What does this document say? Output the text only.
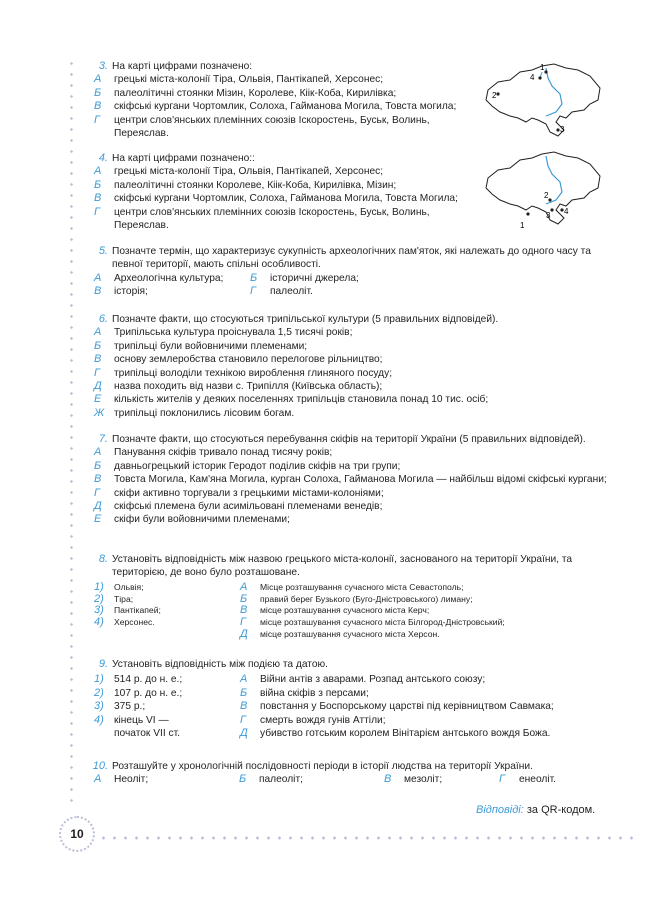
3. На карті цифрами позначено:
А	грецькі міста-колонії Тіра, Ольвія, Пантікапей, Херсонес;
Б	палеолітичні стоянки Мізин, Королеве, Кіік-Коба, Кирилівка;
В	скіфські кургани Чортомлик, Солоха, Гайманова Могила, Товста могила;
Г	центри слов'янських племінних союзів Іскоростень, Буськ, Волинь, Переяслав.
1
2
4
3
4. На карті цифрами позначено::
А	грецькі міста-колонії Тіра, Ольвія, Пантікапей, Херсонес;
Б	палеолітичні стоянки Королеве, Кіік-Коба, Кирилівка, Мізин;
В	скіфські кургани Чортомлик, Солоха, Гайманова Могила, Товста Могила;
Г	центри слов'янських племінних союзів Іскоростень, Буськ, Волинь, Переяслав.	1
2
3 4
5. Позначте термін, що характеризує сукупність археологічних пам'яток, які належать до одного часу та певної території, мають спільні особливості.
А	Археологічна культура;	Б	історичні джерела;
В	історія;	Г	палеоліт.
6. Позначте факти, що стосуються трипільської культури (5 правильних відповідей).
А	Трипільська культура проіснувала 1,5 тисячі років;
Б	трипільці були войовничими племенами;
В	основу землеробства становило перелогове рільництво;
Г	трипільці володіли технікою вироблення глиняного посуду;
Д	назва походить від назви с. Трипілля (Київська область);
Е	кількість жителів у деяких поселеннях трипільців становила понад 10 тис. осіб;
Ж трипільці поклонились лісовим богам.
7. Позначте факти, що стосуються перебування скіфів на території України (5 правильних відповідей).
А	Панування скіфів тривало понад тисячу років;
Б	давньогрецький історик Геродот поділив скіфів на три групи;
В	Товста Могила, Кам'яна Могила, курган Солоха, Гайманова Могила — найбільш відомі скіфські кургани;
Г	скіфи активно торгували з грецькими містами-колоніями;
Д	скіфські племена були асимільовані племенами венедів;
Е	скіфи були войовничими племенами;
8. Установіть відповідність між назвою грецького міста-колонії, заснованого на території України, та територією, де воно було розташоване.
1)	Ольвія;
2)	Тіра;
3)	Пантікапей;
4)	Херсонес.
А	Місце розташування сучасного міста Севастополь;
Б	правий берег Бузького (Буго-Дністровського) лиману;
В	місце розташування сучасного міста Керч;
Г	місце розташування сучасного міста Білгород-Дністровський;
Д	місце розташування сучасного міста Херсон.
9. Установіть відповідність між подією та датою.
1)	514 р. до н. е.;
2)	107 р. до н. е.;
3)	375 р.;
4)	кінець VI —
початок VII ст.
А	Війни антів з аварами. Розпад антського союзу;
Б	війна скіфів з персами;
В	повстання у Боспорському царстві під керівництвом Савмака;
Г	смерть вождя гунів Аттіли;
Д	убивство готським королем Вінітарієм антського вождя Божа.
10. Розташуйте у хронологічній послідовності періоди в історії людства на території України.
А	Неоліт;	Б	палеоліт;	В	мезоліт;	Г	енеоліт.
Відповіді: за QR-кодом.
10
